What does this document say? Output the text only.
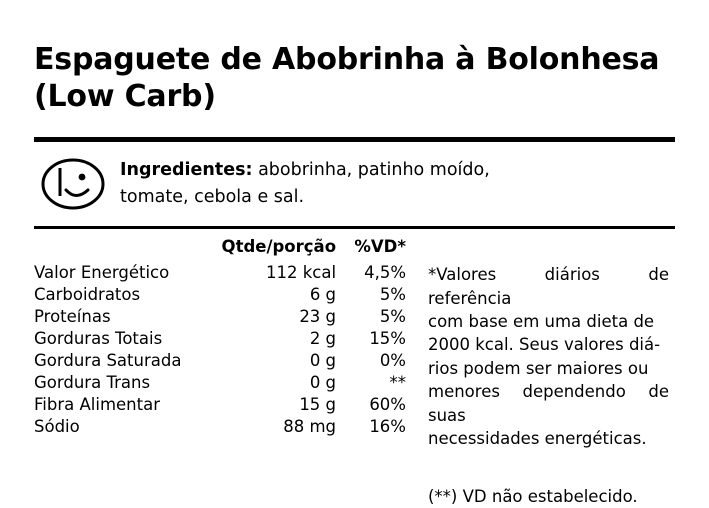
Espaguete de Abobrinha à Bolonhesa
(Low Carb)
Ingredientes: abobrinha, patinho moído,
tomate, cebola e sal.
	Qtde/porção	%VD*
Valor Energético	112 kcal	4,5%
Carboidratos	6 g	5%
Proteínas	23 g	5%
Gorduras Totais	2 g	15%
Gordura Saturada	0 g	0%
Gordura Trans	0 g	**
Fibra Alimentar	15 g	60%
Sódio	88 mg	16%

*Valores diários de referência
com base em uma dieta de
2000 kcal. Seus valores diá-
rios podem ser maiores ou
menores dependendo de suas
necessidades energéticas.

(**) VD não estabelecido.
